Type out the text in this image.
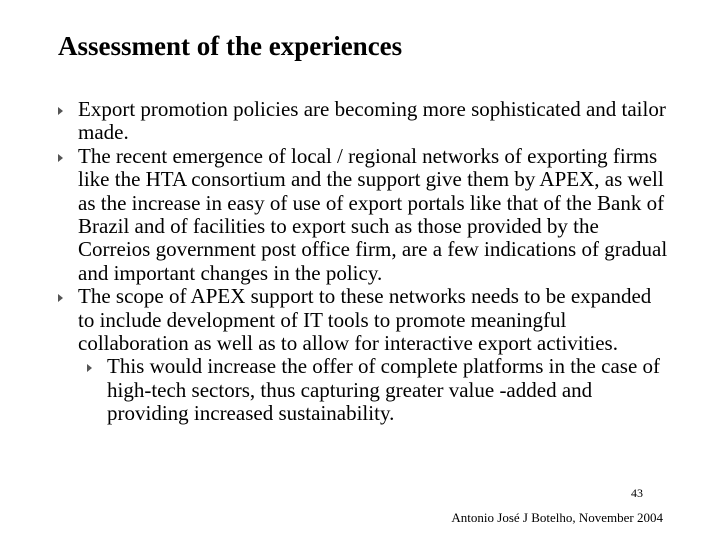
Assessment of the experiences
Export promotion policies are becoming more sophisticated and tailor made.
The recent emergence of local / regional networks of exporting firms like the HTA consortium and the support give them by APEX, as well as the increase in easy of use of export portals like that of the Bank of Brazil and of facilities to export such as those provided by the Correios government post office firm, are a few indications of gradual and important changes in the policy.
The scope of APEX support to these networks needs to be expanded to include development of IT tools to promote meaningful collaboration as well as to allow for interactive export activities.
This would increase the offer of complete platforms in the case of high-tech sectors, thus capturing greater value -added and providing increased sustainability.
43
Antonio José J Botelho, November 2004
